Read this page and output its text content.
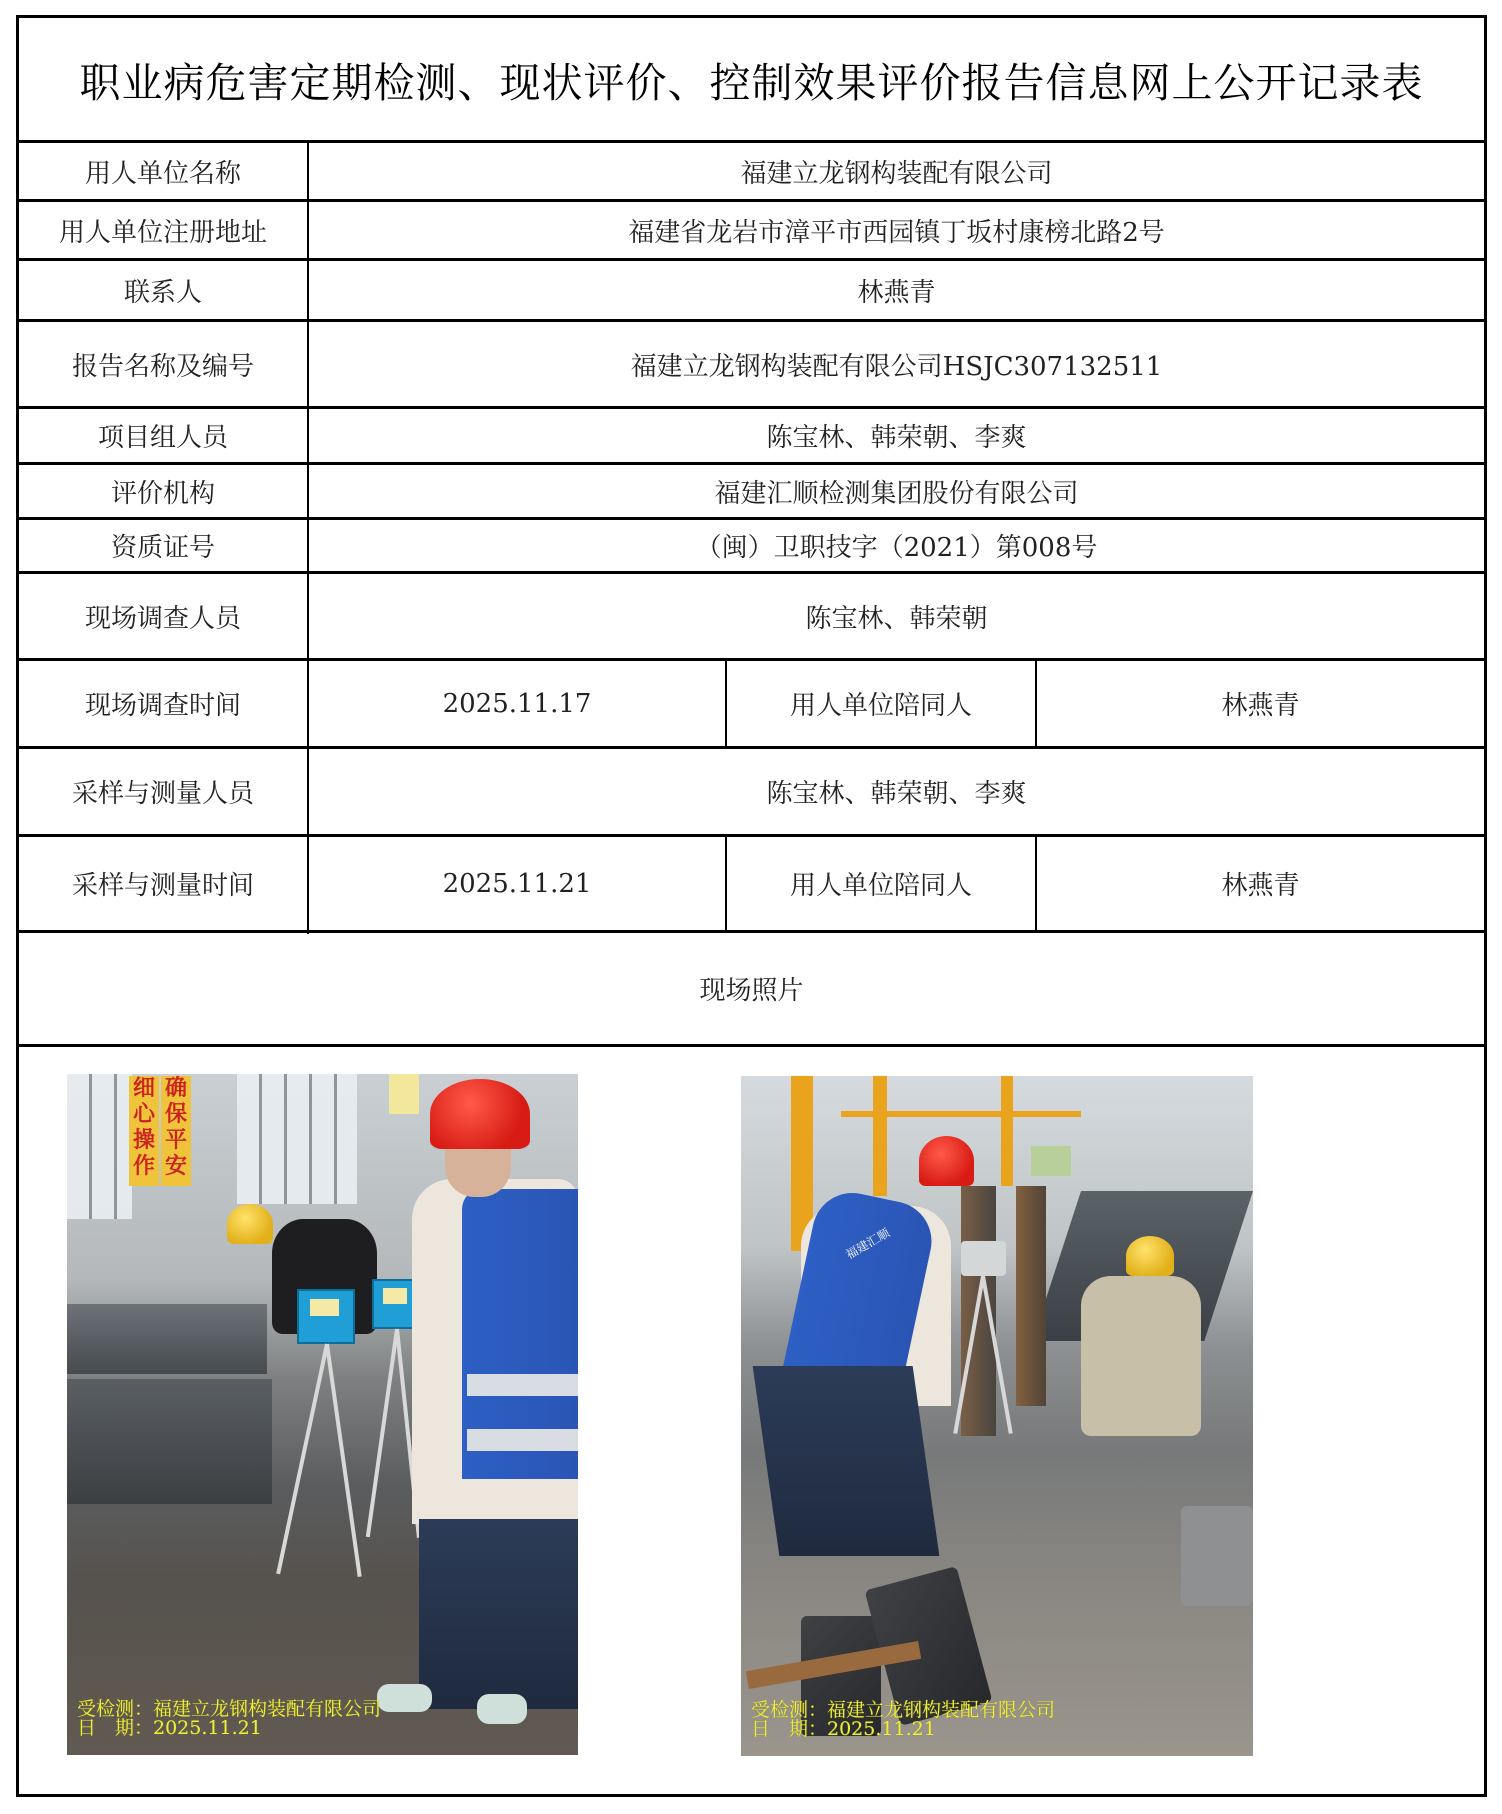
职业病危害定期检测、现状评价、控制效果评价报告信息网上公开记录表
用人单位名称	福建立龙钢构装配有限公司
用人单位注册地址	福建省龙岩市漳平市西园镇丁坂村康榜北路2号
联系人	林燕青
报告名称及编号	福建立龙钢构装配有限公司HSJC307132511
项目组人员	陈宝林、韩荣朝、李爽
评价机构	福建汇顺检测集团股份有限公司
资质证号	（闽）卫职技字（2021）第008号
现场调查人员	陈宝林、韩荣朝
现场调查时间	2025.11.17	用人单位陪同人	林燕青
采样与测量人员	陈宝林、韩荣朝、李爽
采样与测量时间	2025.11.21	用人单位陪同人	林燕青
现场照片
细心操作
确保平安
受检测：福建立龙钢构装配有限公司
日　期：2025.11.21
福建汇顺
受检测：福建立龙钢构装配有限公司
日　期：2025.11.21
